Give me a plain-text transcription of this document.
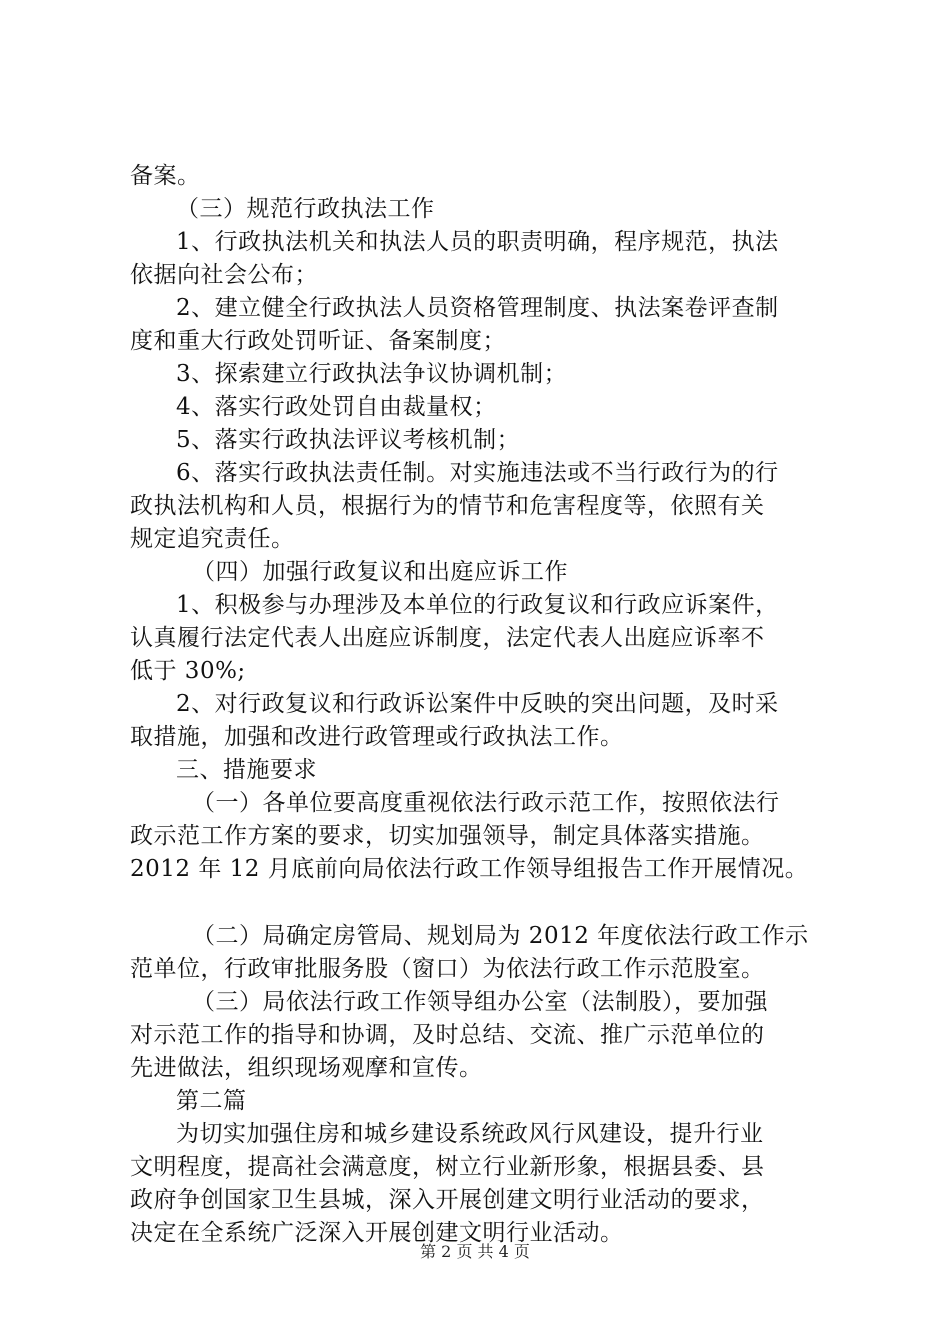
备案。
（三）规范行政执法工作
1、行政执法机关和执法人员的职责明确，程序规范，执法
依据向社会公布；
2、建立健全行政执法人员资格管理制度、执法案卷评查制
度和重大行政处罚听证、备案制度；
3、探索建立行政执法争议协调机制；
4、落实行政处罚自由裁量权；
5、落实行政执法评议考核机制；
6、落实行政执法责任制。对实施违法或不当行政行为的行
政执法机构和人员，根据行为的情节和危害程度等，依照有关
规定追究责任。
（四）加强行政复议和出庭应诉工作
1、积极参与办理涉及本单位的行政复议和行政应诉案件，
认真履行法定代表人出庭应诉制度，法定代表人出庭应诉率不
低于 30%;
2、对行政复议和行政诉讼案件中反映的突出问题，及时采
取措施，加强和改进行政管理或行政执法工作。
三、措施要求
（一）各单位要高度重视依法行政示范工作，按照依法行
政示范工作方案的要求，切实加强领导，制定具体落实措施。
2012 年 12 月底前向局依法行政工作领导组报告工作开展情况。
（二）局确定房管局、规划局为 2012 年度依法行政工作示
范单位，行政审批服务股（窗口）为依法行政工作示范股室。
（三）局依法行政工作领导组办公室（法制股），要加强
对示范工作的指导和协调，及时总结、交流、推广示范单位的
先进做法，组织现场观摩和宣传。
第二篇
为切实加强住房和城乡建设系统政风行风建设，提升行业
文明程度，提高社会满意度，树立行业新形象，根据县委、县
政府争创国家卫生县城，深入开展创建文明行业活动的要求，
决定在全系统广泛深入开展创建文明行业活动。
第 2 页 共 4 页
